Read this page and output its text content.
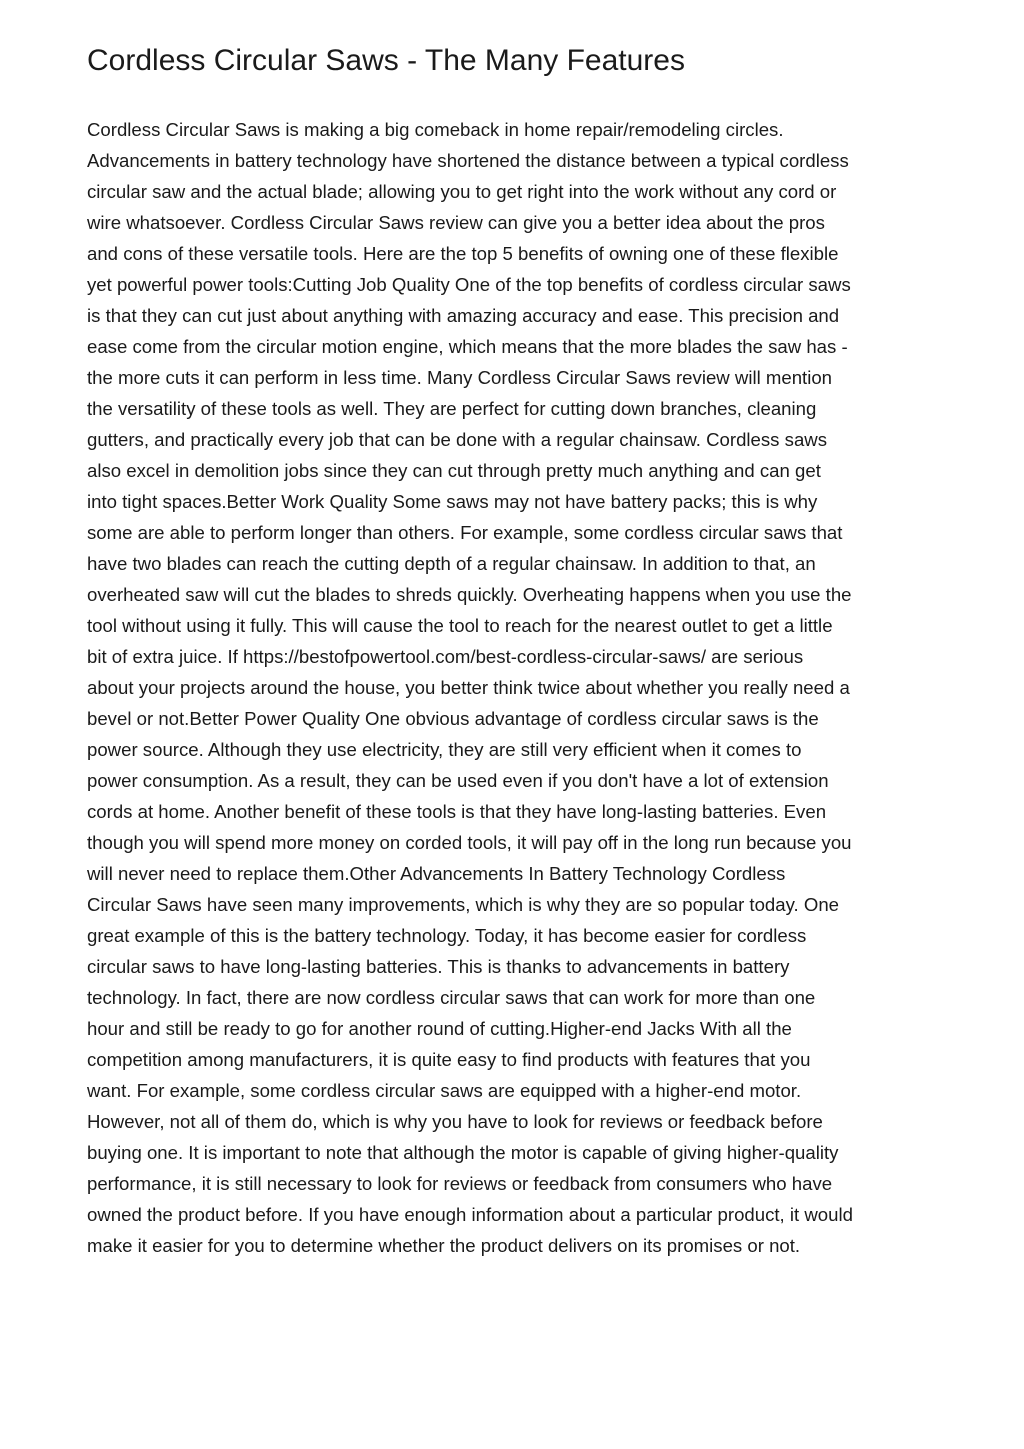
Cordless Circular Saws - The Many Features
Cordless Circular Saws is making a big comeback in home repair/remodeling circles.
Advancements in battery technology have shortened the distance between a typical cordless
circular saw and the actual blade; allowing you to get right into the work without any cord or
wire whatsoever. Cordless Circular Saws review can give you a better idea about the pros
and cons of these versatile tools. Here are the top 5 benefits of owning one of these flexible
yet powerful power tools:Cutting Job Quality One of the top benefits of cordless circular saws
is that they can cut just about anything with amazing accuracy and ease. This precision and
ease come from the circular motion engine, which means that the more blades the saw has -
the more cuts it can perform in less time. Many Cordless Circular Saws review will mention
the versatility of these tools as well. They are perfect for cutting down branches, cleaning
gutters, and practically every job that can be done with a regular chainsaw. Cordless saws
also excel in demolition jobs since they can cut through pretty much anything and can get
into tight spaces.Better Work Quality Some saws may not have battery packs; this is why
some are able to perform longer than others. For example, some cordless circular saws that
have two blades can reach the cutting depth of a regular chainsaw. In addition to that, an
overheated saw will cut the blades to shreds quickly. Overheating happens when you use the
tool without using it fully. This will cause the tool to reach for the nearest outlet to get a little
bit of extra juice. If https://bestofpowertool.com/best-cordless-circular-saws/ are serious
about your projects around the house, you better think twice about whether you really need a
bevel or not.Better Power Quality One obvious advantage of cordless circular saws is the
power source. Although they use electricity, they are still very efficient when it comes to
power consumption. As a result, they can be used even if you don't have a lot of extension
cords at home. Another benefit of these tools is that they have long-lasting batteries. Even
though you will spend more money on corded tools, it will pay off in the long run because you
will never need to replace them.Other Advancements In Battery Technology Cordless
Circular Saws have seen many improvements, which is why they are so popular today. One
great example of this is the battery technology. Today, it has become easier for cordless
circular saws to have long-lasting batteries. This is thanks to advancements in battery
technology. In fact, there are now cordless circular saws that can work for more than one
hour and still be ready to go for another round of cutting.Higher-end Jacks With all the
competition among manufacturers, it is quite easy to find products with features that you
want. For example, some cordless circular saws are equipped with a higher-end motor.
However, not all of them do, which is why you have to look for reviews or feedback before
buying one. It is important to note that although the motor is capable of giving higher-quality
performance, it is still necessary to look for reviews or feedback from consumers who have
owned the product before. If you have enough information about a particular product, it would
make it easier for you to determine whether the product delivers on its promises or not.
